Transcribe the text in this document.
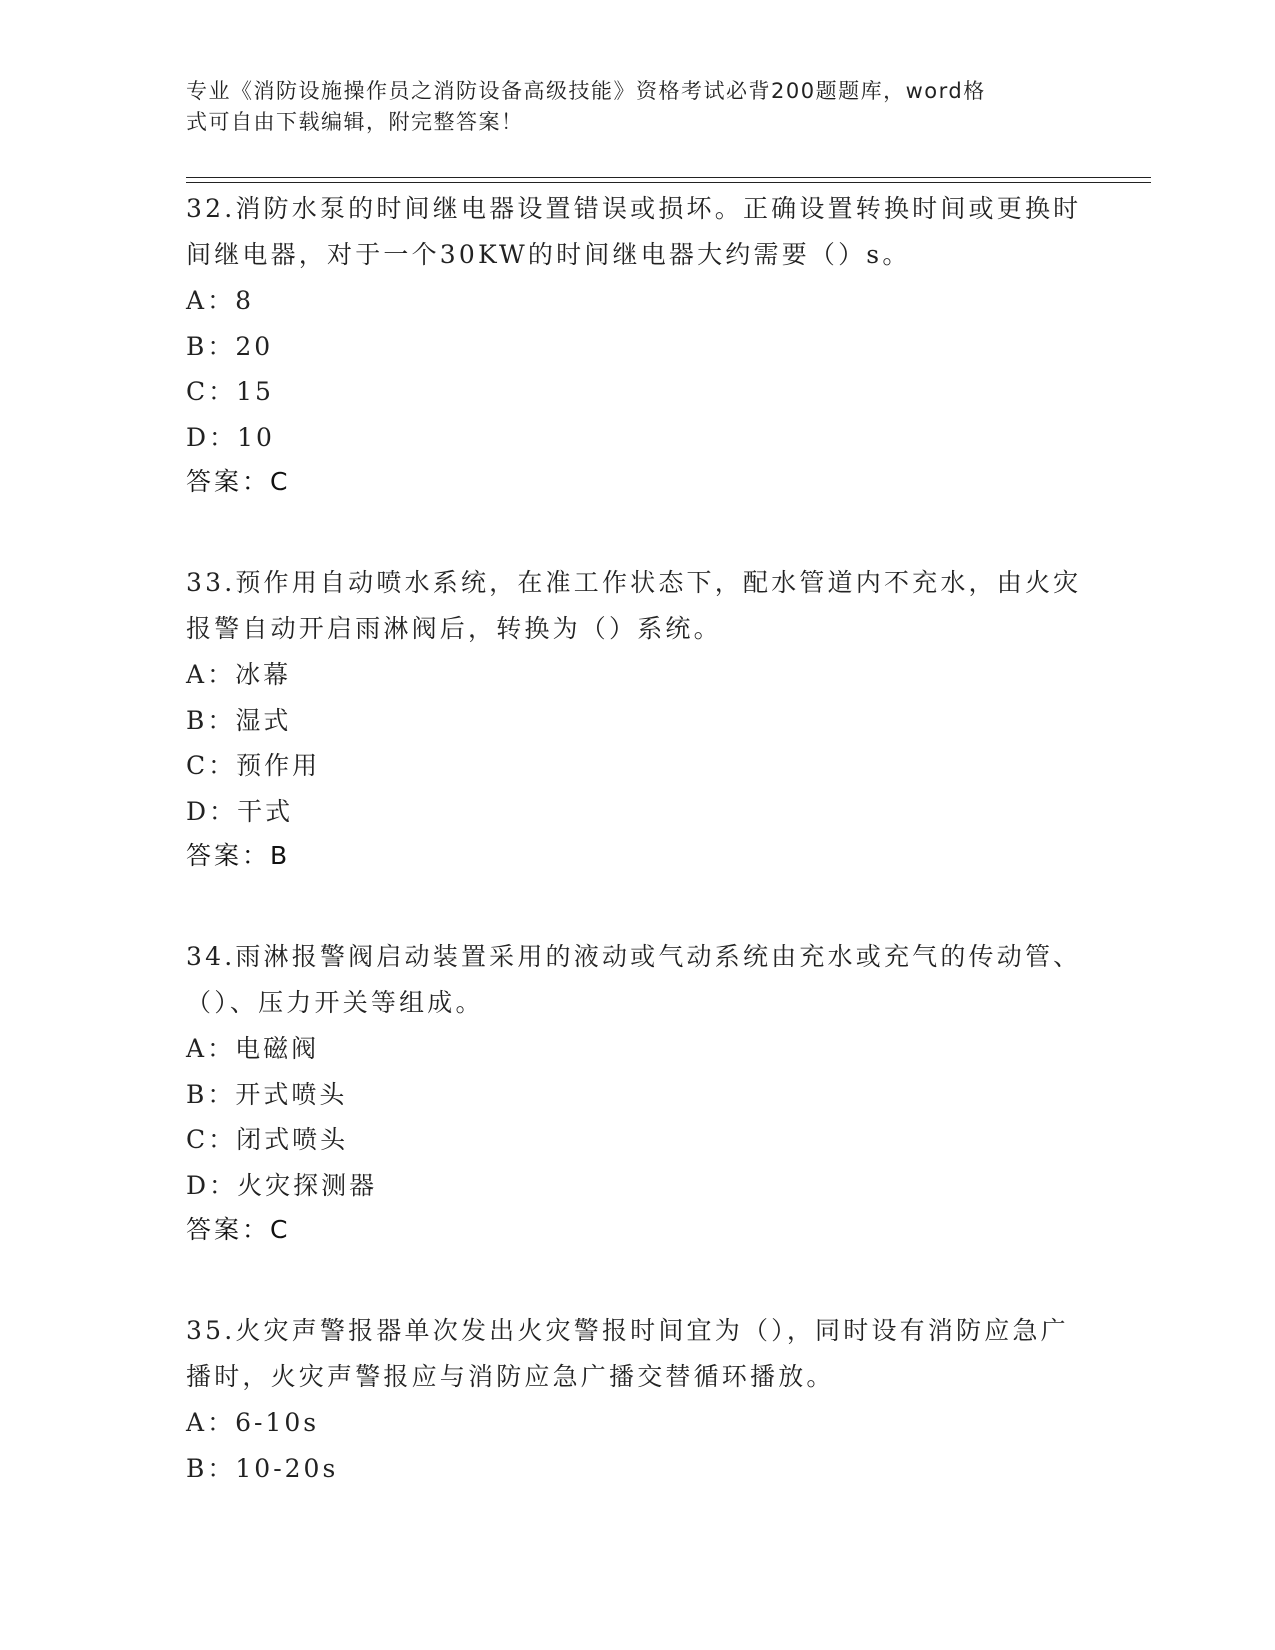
专业《消防设施操作员之消防设备高级技能》资格考试必背200题题库，word格
式可自由下载编辑，附完整答案！
32.消防水泵的时间继电器设置错误或损坏。正确设置转换时间或更换时间继电器，对于一个30KW的时间继电器大约需要（）s。
A：8
B：20
C：15
D：10
答案：C
33.预作用自动喷水系统，在准工作状态下，配水管道内不充水，由火灾报警自动开启雨淋阀后，转换为（）系统。
A：冰幕
B：湿式
C：预作用
D：干式
答案：B
34.雨淋报警阀启动装置采用的液动或气动系统由充水或充气的传动管、（）、压力开关等组成。
A：电磁阀
B：开式喷头
C：闭式喷头
D：火灾探测器
答案：C
35.火灾声警报器单次发出火灾警报时间宜为（），同时设有消防应急广播时，火灾声警报应与消防应急广播交替循环播放。
A：6-10s
B：10-20s
